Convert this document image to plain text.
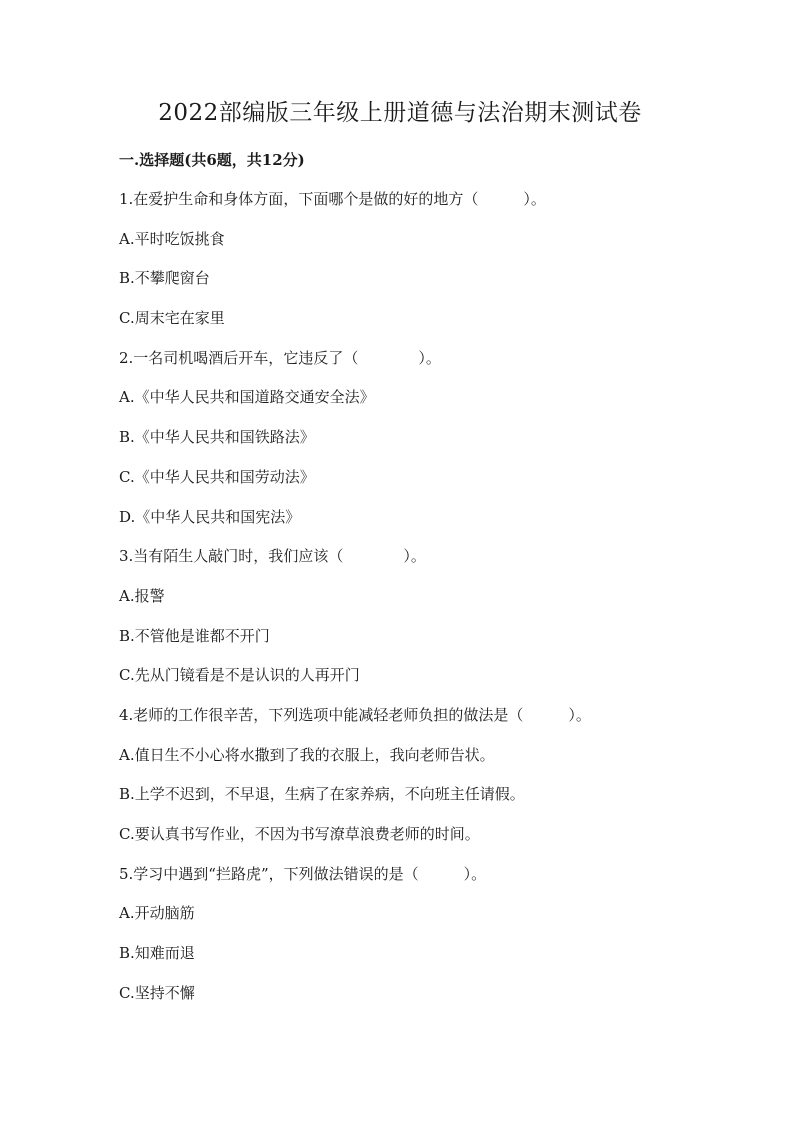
2022部编版三年级上册道德与法治期末测试卷
一.选择题(共6题，共12分)
1.在爱护生命和身体方面，下面哪个是做的好的地方（　　　）。
A.平时吃饭挑食
B.不攀爬窗台
C.周末宅在家里
2.一名司机喝酒后开车，它违反了（　　　　）。
A.《中华人民共和国道路交通安全法》
B.《中华人民共和国铁路法》
C.《中华人民共和国劳动法》
D.《中华人民共和国宪法》
3.当有陌生人敲门时，我们应该（　　　　）。
A.报警
B.不管他是谁都不开门
C.先从门镜看是不是认识的人再开门
4.老师的工作很辛苦，下列选项中能减轻老师负担的做法是（　　　）。
A.值日生不小心将水撒到了我的衣服上，我向老师告状。
B.上学不迟到，不早退，生病了在家养病，不向班主任请假。
C.要认真书写作业，不因为书写潦草浪费老师的时间。
5.学习中遇到“拦路虎”，下列做法错误的是（　　　）。
A.开动脑筋
B.知难而退
C.坚持不懈
